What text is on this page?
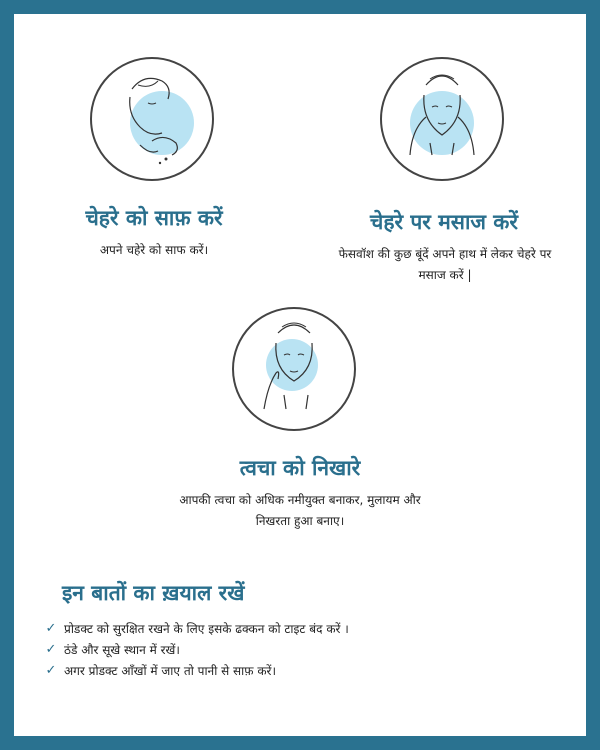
चेहरे को साफ़ करें
अपने चहेरे को साफ करें।
चेहरे पर मसाज करें
फेसवॉश की कुछ बूंदें अपने हाथ में लेकर चेहरे पर मसाज करें |
त्वचा को निखारे
आपकी त्वचा को अधिक नमीयुक्त बनाकर, मुलायम और निखरता हुआ बनाए।
इन बातों का ख़याल रखें
✓ प्रोडक्ट को सुरक्षित रखने के लिए इसके ढक्कन को टाइट बंद करें ।
✓ ठंडे और सूखे स्थान में रखें।
✓ अगर प्रोडक्ट आँखों में जाए तो पानी से साफ़ करें।
